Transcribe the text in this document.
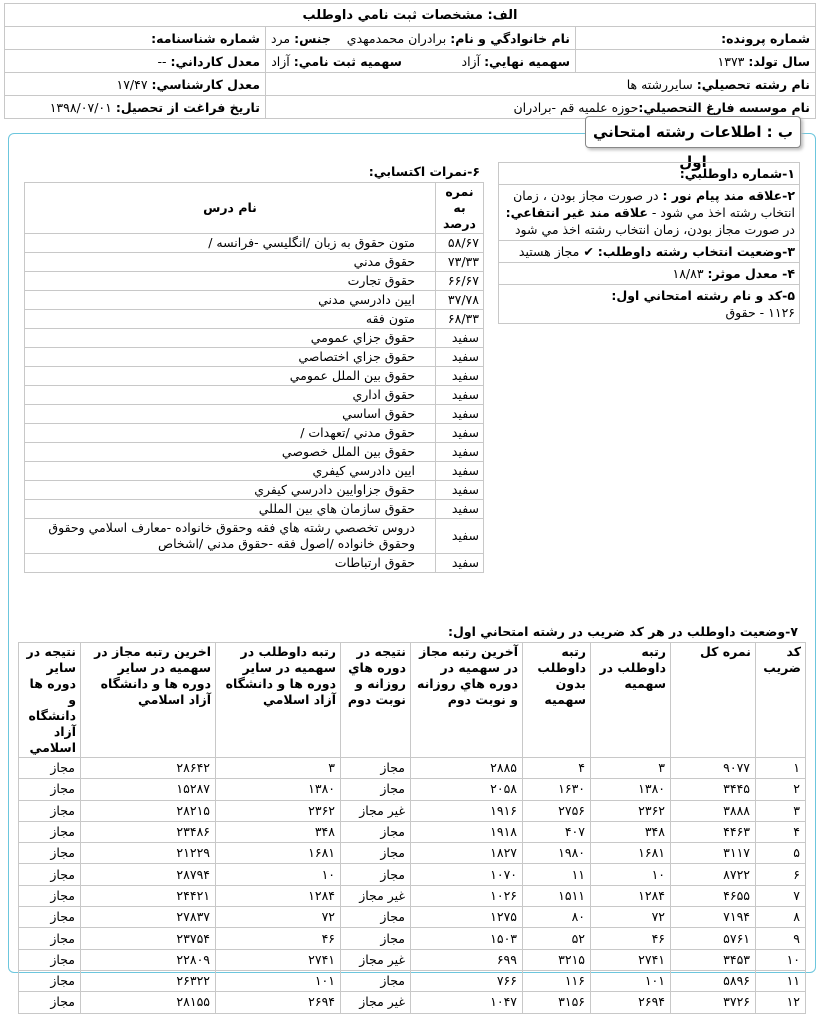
الف: مشخصات ثبت نامي داوطلب		
شماره پرونده:	نام خانوادگي و نام: برادران محمدمهدي    جنس: مرد	شماره شناسنامه:
سال تولد: ۱۳۷۳	سهميه نهايي: آزاد               سهميه ثبت نامي: آزاد	معدل كارداني: --
نام رشته تحصيلي: سايررشته ها		معدل كارشناسي: ۱۷/۴۷
نام موسسه فارغ التحصيلي:حوزه علميه قم -برادران		تاريخ فراغت از تحصيل: ۱۳۹۸/۰۷/۰۱
ب : اطلاعات رشته امتحاني اول
۱-شماره داوطلبي:
۲-علاقه مند پيام نور : در صورت مجاز بودن ، زمان انتخاب رشته اخذ مي شود - علاقه مند غير انتفاعي: در صورت مجاز بودن، زمان انتخاب رشته اخذ مي شود
۳-وضعيت انتخاب رشته داوطلب: ✔ مجاز هستيد
۴- معدل موثر: ۱۸/۸۳
۵-كد و نام رشته امتحاني اول:
۱۱۲۶ - حقوق
۶-نمرات اكتسابي:
نمره به درصد	نام درس
۵۸/۶۷	متون حقوق به زبان /انگليسي -فرانسه /
۷۳/۳۳	حقوق مدني
۶۶/۶۷	حقوق تجارت
۳۷/۷۸	ايين دادرسي مدني
۶۸/۳۳	متون فقه
سفيد	حقوق جزاي عمومي
سفيد	حقوق جزاي اختصاصي
سفيد	حقوق بين الملل عمومي
سفيد	حقوق اداري
سفيد	حقوق اساسي
سفيد	حقوق مدني /تعهدات /
سفيد	حقوق بين الملل خصوصي
سفيد	ايين دادرسي كيفري
سفيد	حقوق جزاوايين دادرسي كيفري
سفيد	حقوق سازمان هاي بين المللي
سفيد	دروس تخصصي رشته هاي فقه وحقوق خانواده -معارف اسلامي وحقوق وحقوق خانواده /اصول فقه -حقوق مدني /اشخاص
سفيد	حقوق ارتباطات
۷-وضعيت داوطلب در هر كد ضريب در رشته امتحاني اول:
كد ضريب	نمره كل	رتبه داوطلب در سهميه	رتبه داوطلب بدون سهميه	آخرين رتبه مجاز در سهميه در دوره هاي روزانه و نوبت دوم	نتيجه در دوره هاي روزانه و نوبت دوم	رتبه داوطلب در سهميه در ساير دوره ها و دانشگاه آزاد اسلامي	اخرين رتبه مجاز در سهميه در ساير دوره ها و دانشگاه آزاد اسلامي	نتيجه در ساير دوره ها و دانشگاه آزاد اسلامي
۱	۹۰۷۷	۳	۴	۲۸۸۵	مجاز	۳	۲۸۶۴۲	مجاز
۲	۳۴۴۵	۱۳۸۰	۱۶۳۰	۲۰۵۸	مجاز	۱۳۸۰	۱۵۲۸۷	مجاز
۳	۳۸۸۸	۲۳۶۲	۲۷۵۶	۱۹۱۶	غير مجاز	۲۳۶۲	۲۸۲۱۵	مجاز
۴	۴۴۶۳	۳۴۸	۴۰۷	۱۹۱۸	مجاز	۳۴۸	۲۳۴۸۶	مجاز
۵	۳۱۱۷	۱۶۸۱	۱۹۸۰	۱۸۲۷	مجاز	۱۶۸۱	۲۱۲۲۹	مجاز
۶	۸۷۲۲	۱۰	۱۱	۱۰۷۰	مجاز	۱۰	۲۸۷۹۴	مجاز
۷	۴۶۵۵	۱۲۸۴	۱۵۱۱	۱۰۲۶	غير مجاز	۱۲۸۴	۲۴۴۲۱	مجاز
۸	۷۱۹۴	۷۲	۸۰	۱۲۷۵	مجاز	۷۲	۲۷۸۳۷	مجاز
۹	۵۷۶۱	۴۶	۵۲	۱۵۰۳	مجاز	۴۶	۲۳۷۵۴	مجاز
۱۰	۳۴۵۳	۲۷۴۱	۳۲۱۵	۶۹۹	غير مجاز	۲۷۴۱	۲۲۸۰۹	مجاز
۱۱	۵۸۹۶	۱۰۱	۱۱۶	۷۶۶	مجاز	۱۰۱	۲۶۳۲۲	مجاز
۱۲	۳۷۲۶	۲۶۹۴	۳۱۵۶	۱۰۴۷	غير مجاز	۲۶۹۴	۲۸۱۵۵	مجاز
